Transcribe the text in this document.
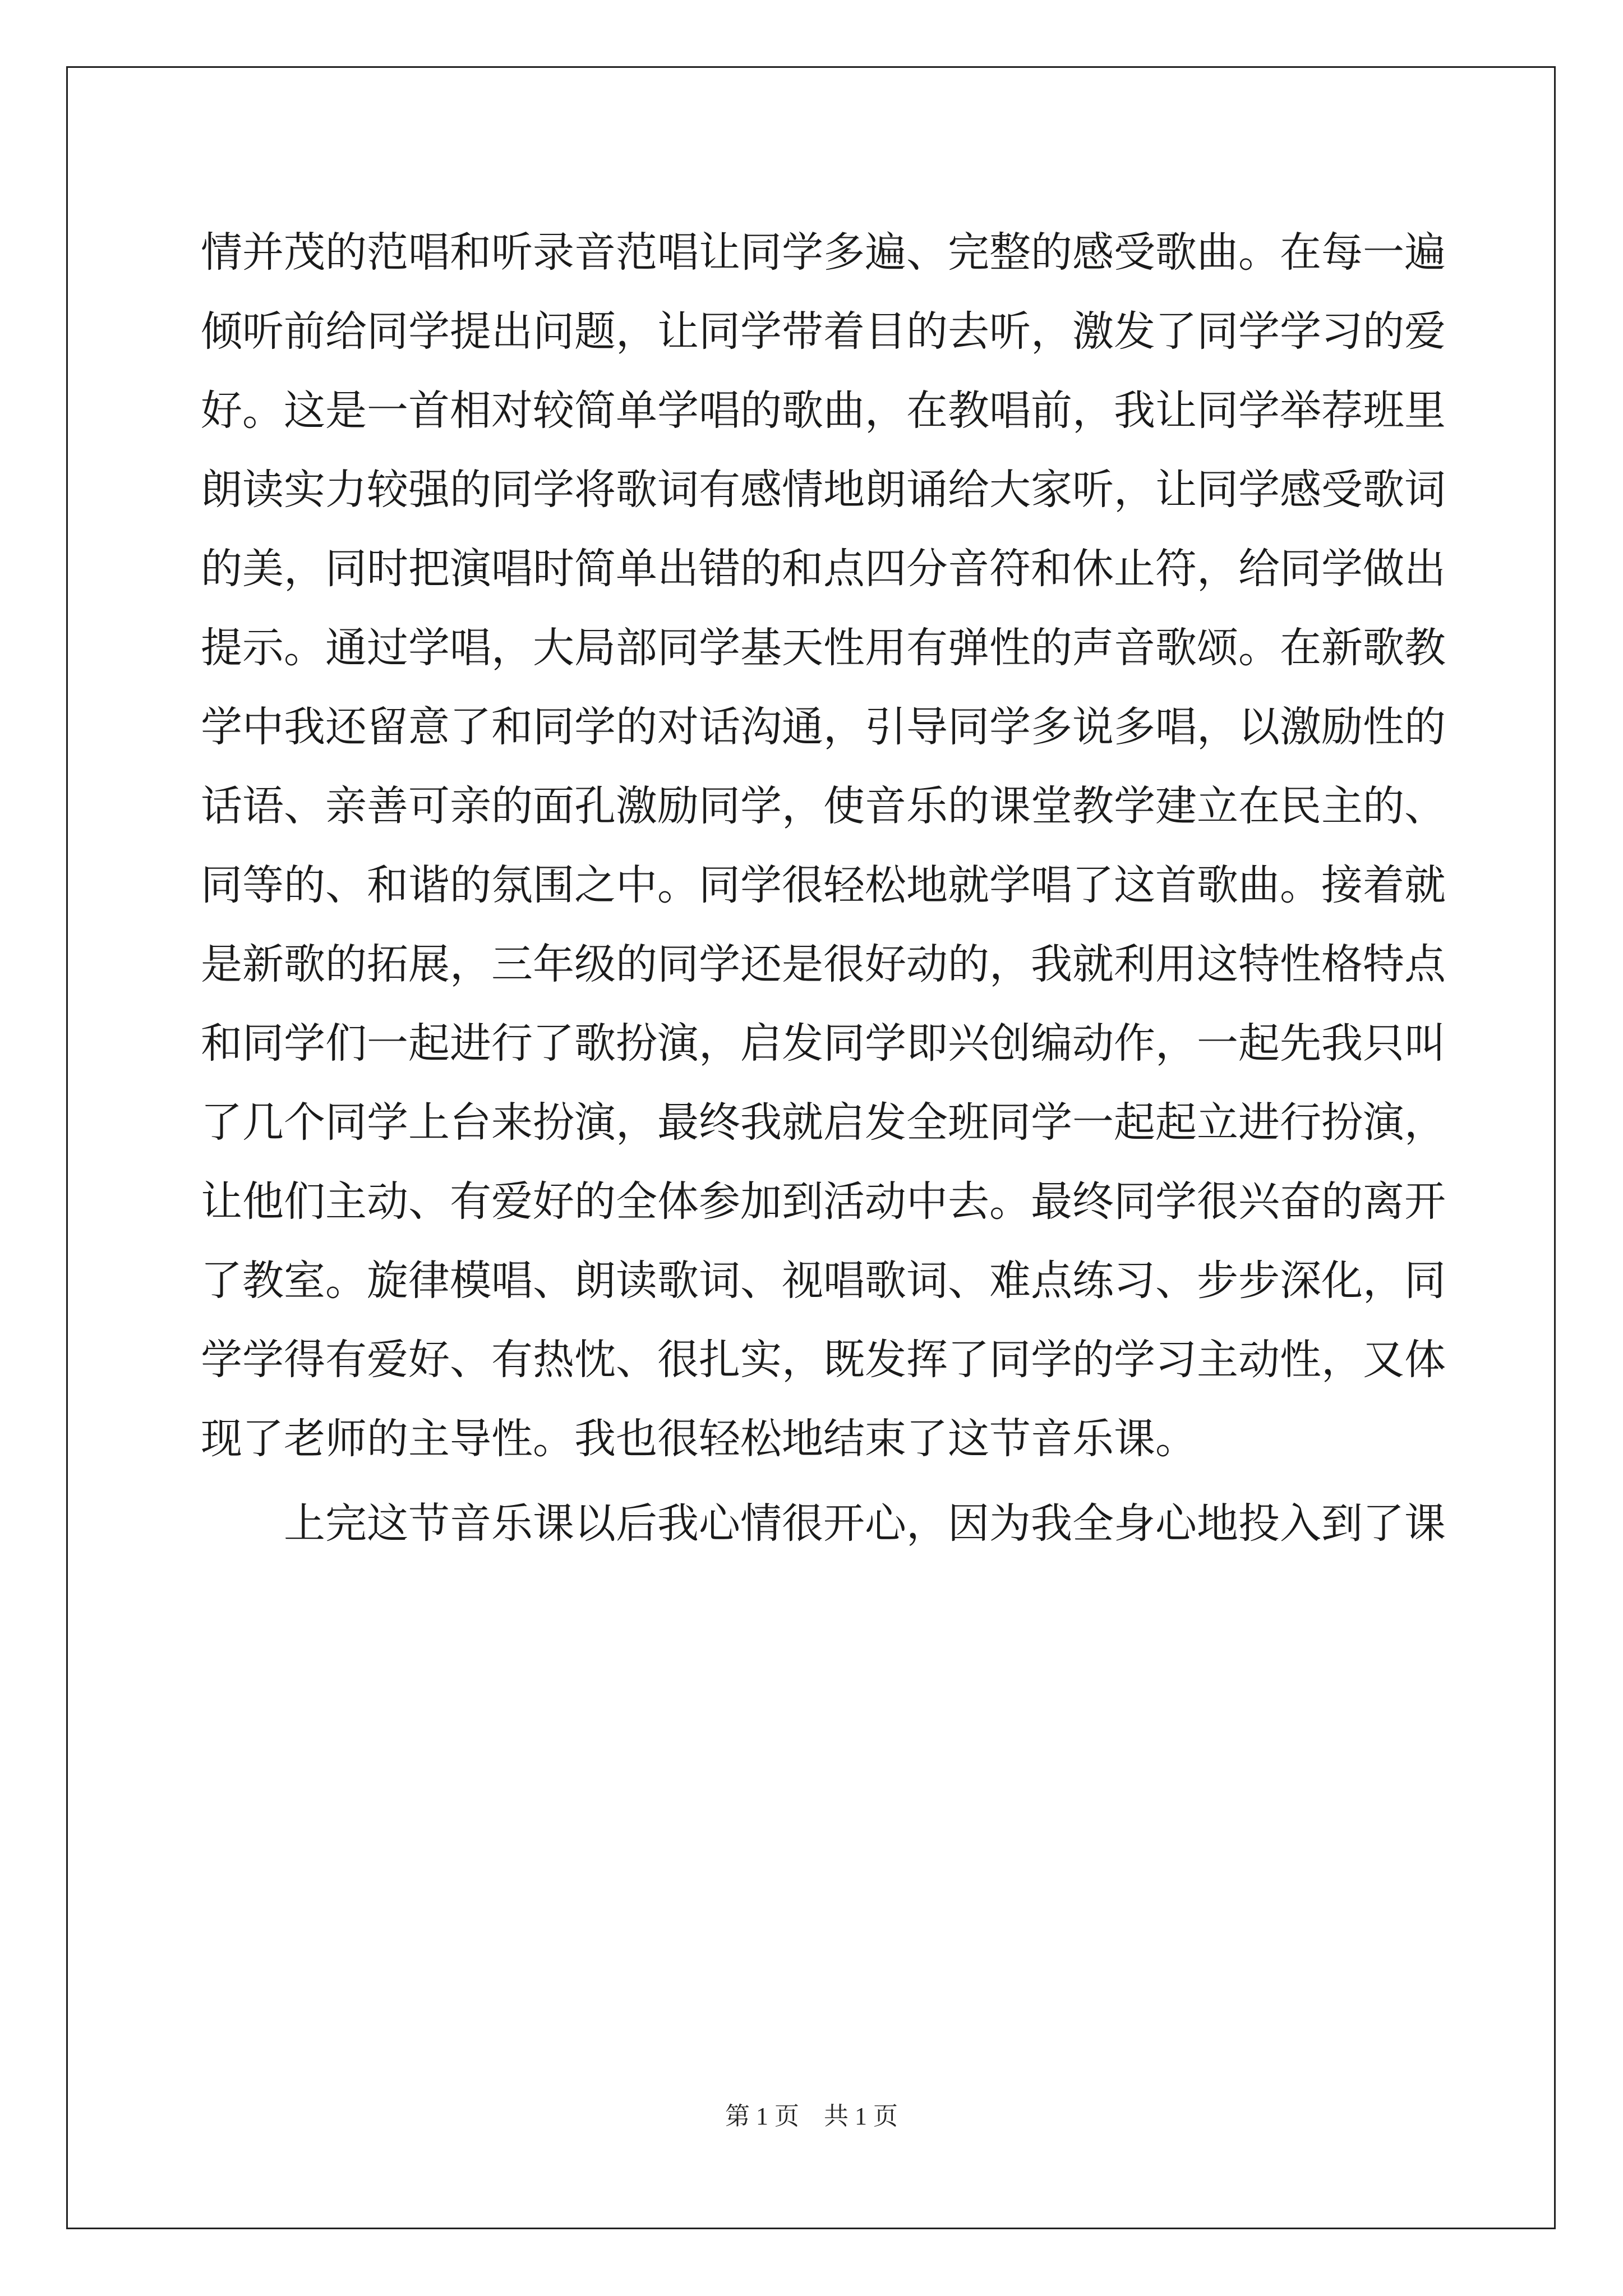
情 并 茂 的 范 唱 和 听 录 音 范 唱 让 同 学 多 遍 、 完 整 的 感 受 歌 曲 。 在 每 一 遍
倾 听 前 给 同 学 提 出 问 题 ， 让 同 学 带 着 目 的 去 听 ， 激 发 了 同 学 学 习 的 爱
好 。 这 是 一 首 相 对 较 简 单 学 唱 的 歌 曲 ， 在 教 唱 前 ， 我 让 同 学 举 荐 班 里
朗 读 实 力 较 强 的 同 学 将 歌 词 有 感 情 地 朗 诵 给 大 家 听 ， 让 同 学 感 受 歌 词
的 美 ， 同 时 把 演 唱 时 简 单 出 错 的 和 点 四 分 音 符 和 休 止 符 ， 给 同 学 做 出
提 示 。 通 过 学 唱 ， 大 局 部 同 学 基 天 性 用 有 弹 性 的 声 音 歌 颂 。 在 新 歌 教
学 中 我 还 留 意 了 和 同 学 的 对 话 沟 通 ， 引 导 同 学 多 说 多 唱 ， 以 激 励 性 的
话 语 、 亲 善 可 亲 的 面 孔 激 励 同 学 ， 使 音 乐 的 课 堂 教 学 建 立 在 民 主 的 、
同 等 的 、 和 谐 的 氛 围 之 中 。 同 学 很 轻 松 地 就 学 唱 了 这 首 歌 曲 。 接 着 就
是 新 歌 的 拓 展 ， 三 年 级 的 同 学 还 是 很 好 动 的 ， 我 就 利 用 这 特 性 格 特 点
和 同 学 们 一 起 进 行 了 歌 扮 演 ， 启 发 同 学 即 兴 创 编 动 作 ， 一 起 先 我 只 叫
了 几 个 同 学 上 台 来 扮 演 ， 最 终 我 就 启 发 全 班 同 学 一 起 起 立 进 行 扮 演 ，
让 他 们 主 动 、 有 爱 好 的 全 体 参 加 到 活 动 中 去 。 最 终 同 学 很 兴 奋 的 离 开
了 教 室 。 旋 律 模 唱 、 朗 读 歌 词 、 视 唱 歌 词 、 难 点 练 习 、 步 步 深 化 ， 同
学 学 得 有 爱 好 、 有 热 忱 、 很 扎 实 ， 既 发 挥 了 同 学 的 学 习 主 动 性 ， 又 体
现了老师的主导性。我也很轻松地结束了这节音乐课。
上完这节音乐课以后我心情很开心，因为我全身心地投入到了课
第 1 页　共 1 页
